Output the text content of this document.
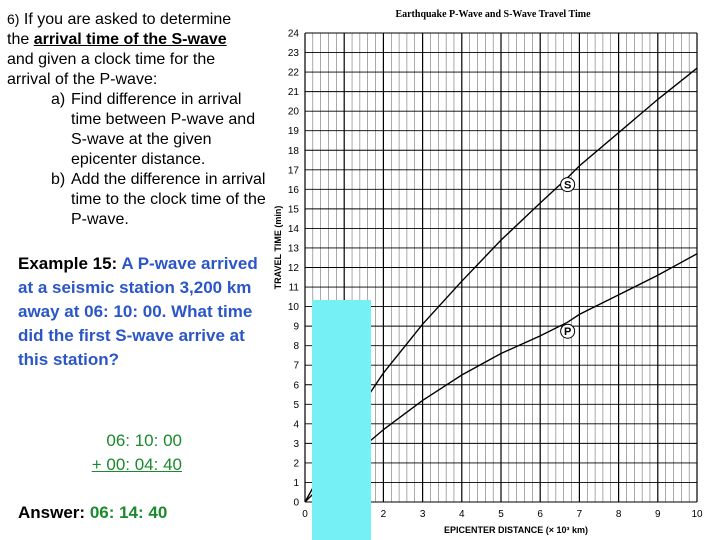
6) If you are asked to determine
the arrival time of the S-wave
and given a clock time for the
arrival of the P-wave:
a) Find difference in arrival time between P-wave and S-wave at the given epicenter distance.
b) Add the difference in arrival time to the clock time of the P-wave.
Example 15: A P-wave arrived at a seismic station 3,200 km away at 06: 10: 00. What time did the first S-wave arrive at this station?
06: 10: 00
+ 00: 04: 40
Answer: 06: 14: 40	0
1
2
3
4
5
6
7
8
9
10
11
12
13
14
15
16
17
18
19
20
21
22
23
24
0	2	3	4	5	6	7	8	9	10
Earthquake P-Wave and S-Wave Travel Time
EPICENTER DISTANCE (× 10³ km)
TRAVEL TIME (min)
S
P
